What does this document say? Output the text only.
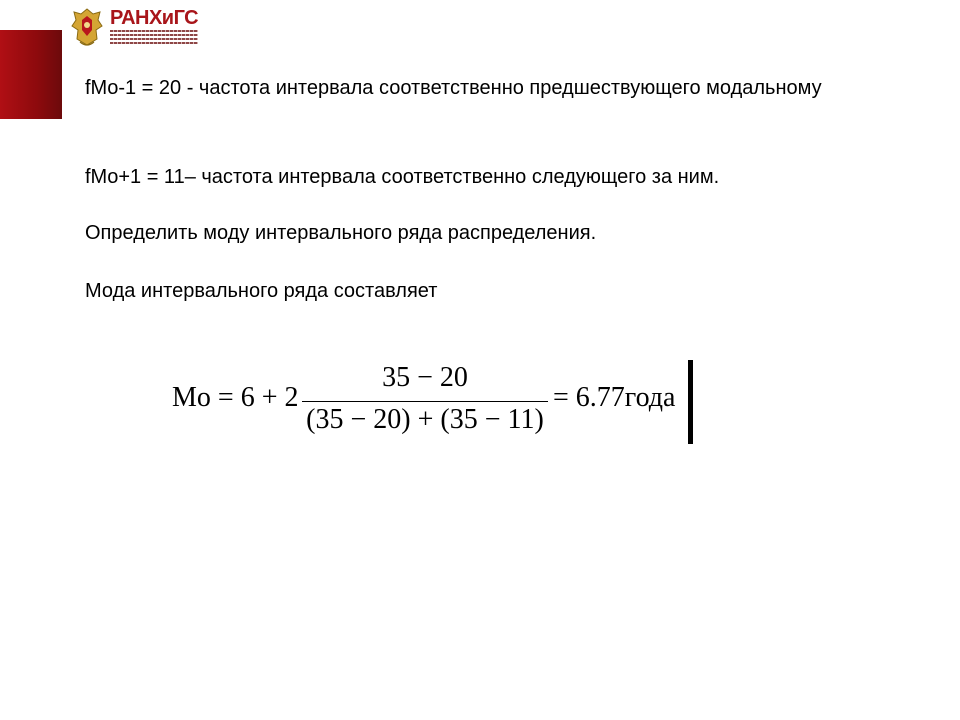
РАНХиГС

fMo-1 = 20 - частота интервала соответственно предшествующего модальному

fMo+1 = 11– частота интервала соответственно следующего за ним.

Определить моду интервального ряда распределения.

Мода интервального ряда составляет

Mo = 6 + 2
35 − 20
(35 − 20) + (35 − 11)
= 6.77года
